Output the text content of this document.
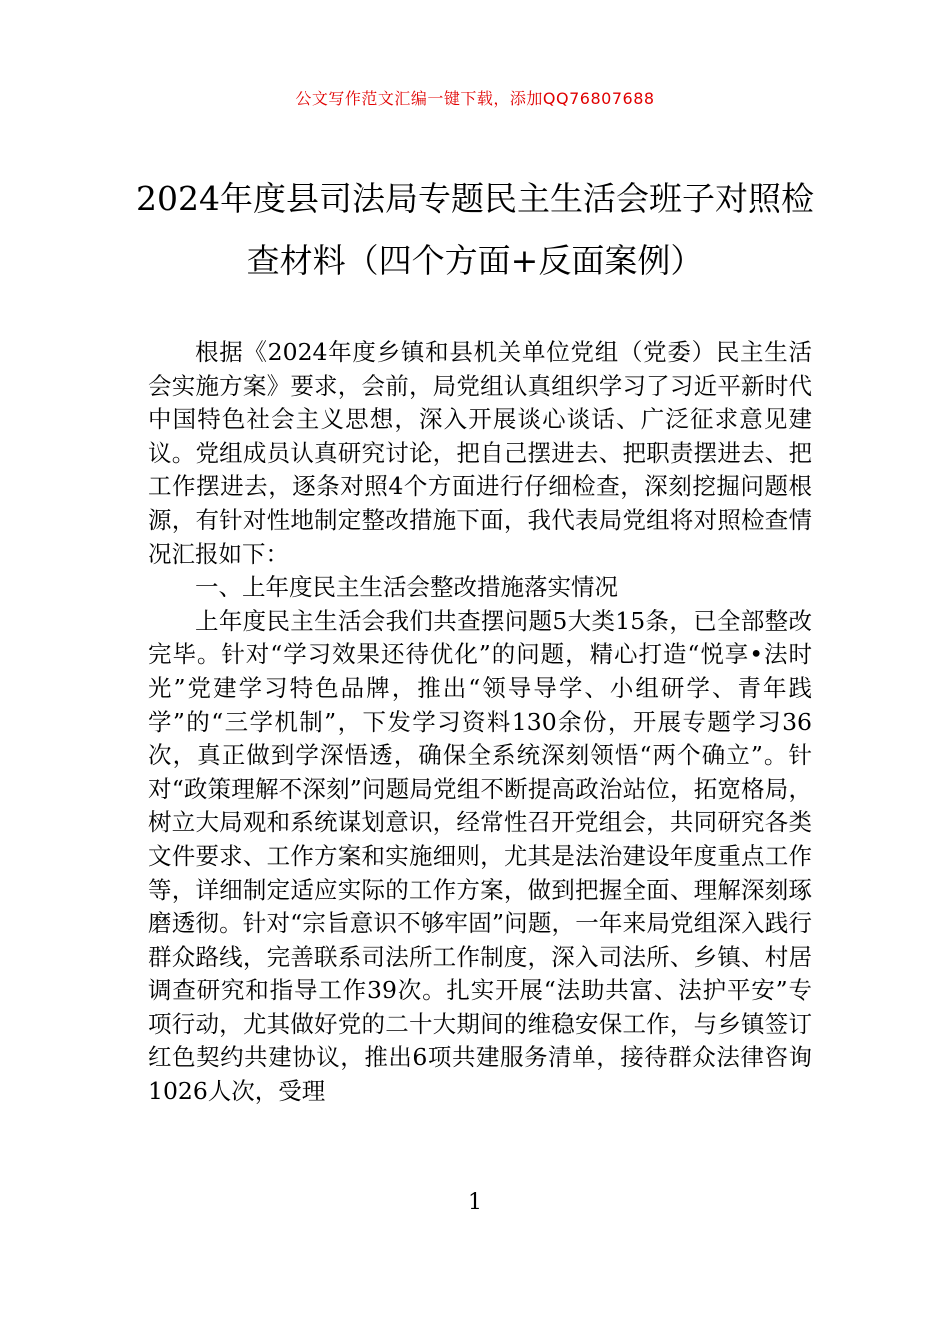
公文写作范文汇编一键下载，添加QQ76807688
2024年度县司法局专题民主生活会班子对照检查材料（四个方面+反面案例）

根据《2024年度乡镇和县机关单位党组（党委）民主生活会实施方案》要求，会前，局党组认真组织学习了习近平新时代中国特色社会主义思想，深入开展谈心谈话、广泛征求意见建议。党组成员认真研究讨论，把自己摆进去、把职责摆进去、把工作摆进去，逐条对照4个方面进行仔细检查，深刻挖掘问题根源，有针对性地制定整改措施下面，我代表局党组将对照检查情况汇报如下：

一、上年度民主生活会整改措施落实情况

上年度民主生活会我们共查摆问题5大类15条，已全部整改完毕。针对“学习效果还待优化”的问题，精心打造“悦享•法时光”党建学习特色品牌，推出“领导导学、小组研学、青年践学”的“三学机制”，下发学习资料130余份，开展专题学习36次，真正做到学深悟透，确保全系统深刻领悟“两个确立”。针对“政策理解不深刻”问题局党组不断提高政治站位，拓宽格局，树立大局观和系统谋划意识，经常性召开党组会，共同研究各类文件要求、工作方案和实施细则，尤其是法治建设年度重点工作等，详细制定适应实际的工作方案，做到把握全面、理解深刻琢磨透彻。针对“宗旨意识不够牢固”问题，一年来局党组深入践行群众路线，完善联系司法所工作制度，深入司法所、乡镇、村居调查研究和指导工作39次。扎实开展“法助共富、法护平安”专项行动，尤其做好党的二十大期间的维稳安保工作，与乡镇签订红色契约共建协议，推出6项共建服务清单，接待群众法律咨询1026人次，受理

1
